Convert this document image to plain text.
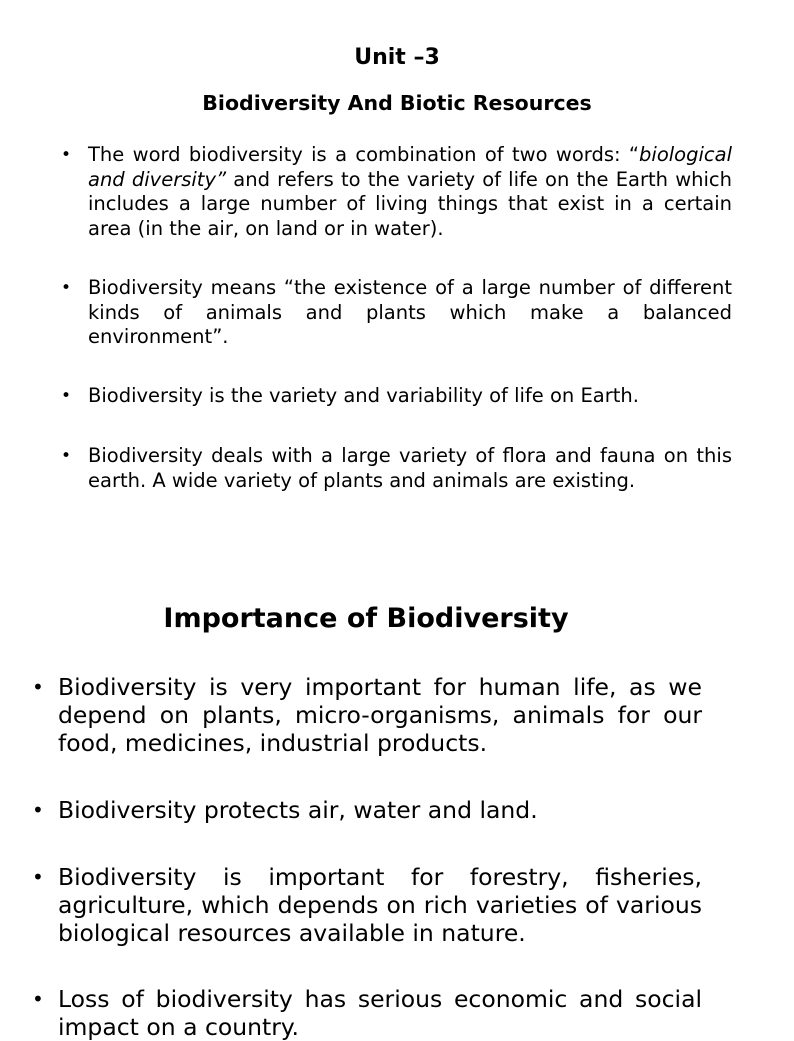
Unit –3
Biodiversity And Biotic Resources
• The word biodiversity is a combination of two words: “biological and diversity” and refers to the variety of life on the Earth which includes a large number of living things that exist in a certain area (in the air, on land or in water).
• Biodiversity means “the existence of a large number of different kinds of animals and plants which make a balanced environment”.
• Biodiversity is the variety and variability of life on Earth.
• Biodiversity deals with a large variety of flora and fauna on this earth. A wide variety of plants and animals are existing.
Importance of Biodiversity
• Biodiversity is very important for human life, as we depend on plants, micro-organisms, animals for our food, medicines, industrial products.
• Biodiversity protects air, water and land.
• Biodiversity is important for forestry, fisheries, agriculture, which depends on rich varieties of various biological resources available in nature.
• Loss of biodiversity has serious economic and social impact on a country.
